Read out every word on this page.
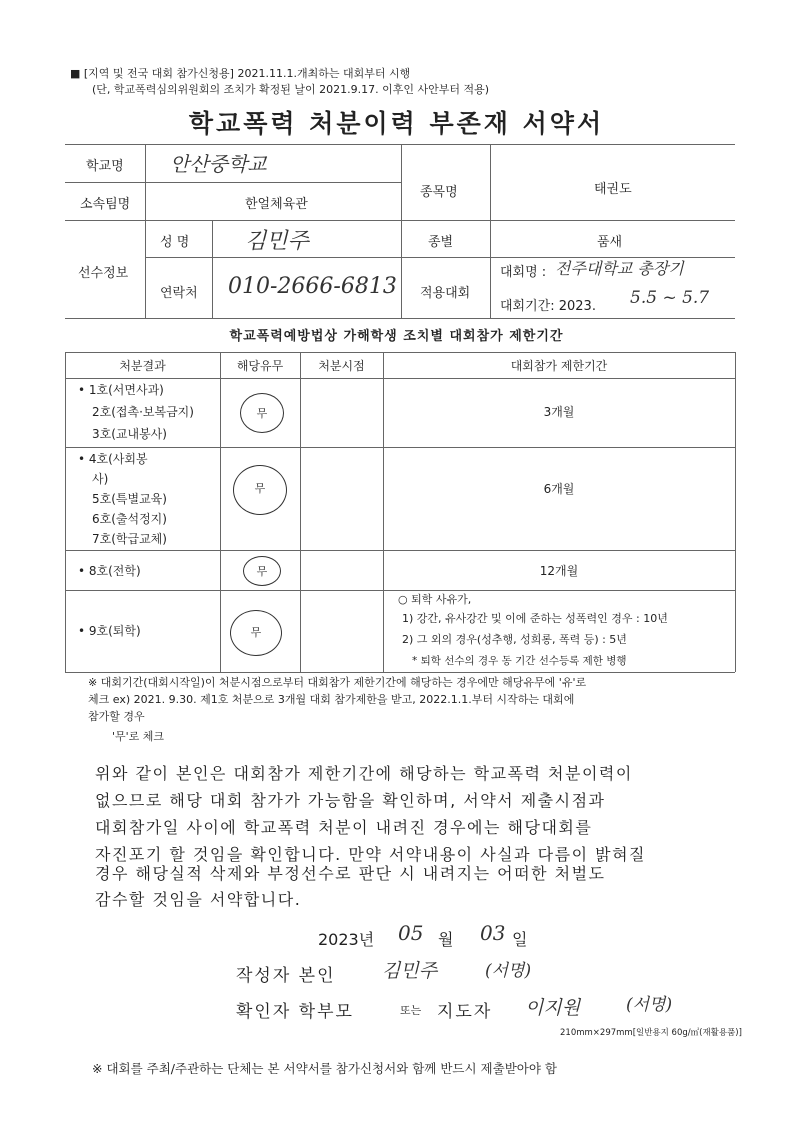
■ [지역 및 전국 대회 참가신청용] 2021.11.1.개최하는 대회부터 시행
(단, 학교폭력심의위원회의 조치가 확정된 날이 2021.9.17. 이후인 사안부터 적용)
학교폭력 처분이력 부존재 서약서
학교명 안산중학교
소속팀명	한얼체육관
종목명	태권도
선수정보
성 명	김민주
연락처 010-2666-6813
종별	품새
적용대회
대회명 : 전주대학교 총장기
대회기간: 2023. 5.5 ~ 5.7
학교폭력예방법상 가해학생 조치별 대회참가 제한기간
처분결과	해당유무	처분시점	대회참가 제한기간
• 1호(서면사과)
2호(접촉·보복금지)
3호(교내봉사)
무	3개월
• 4호(사회봉
사)
5호(특별교육)
6호(출석정지)
7호(학급교체)
무	6개월
• 8호(전학)	무	12개월
• 9호(퇴학)	무
○ 퇴학 사유가,
1) 강간, 유사강간 및 이에 준하는 성폭력인 경우 : 10년
2) 그 외의 경우(성추행, 성희롱, 폭력 등) : 5년
* 퇴학 선수의 경우 동 기간 선수등록 제한 병행
※ 대회기간(대회시작일)이 처분시점으로부터 대회참가 제한기간에 해당하는 경우에만 해당유무에 '유'로
체크 ex) 2021. 9.30. 제1호 처분으로 3개월 대회 참가제한을 받고, 2022.1.1.부터 시작하는 대회에
참가할 경우
'무'로 체크
위와 같이 본인은 대회참가 제한기간에 해당하는 학교폭력 처분이력이
없으므로 해당 대회 참가가 가능함을 확인하며, 서약서 제출시점과
대회참가일 사이에 학교폭력 처분이 내려진 경우에는 해당대회를
자진포기 할 것임을 확인합니다. 만약 서약내용이 사실과 다름이 밝혀질
경우 해당실적 삭제와 부정선수로 판단 시 내려지는 어떠한 처벌도
감수할 것임을 서약합니다.
2023년 05 월 03 일
작성자 본인 김민주	(서명)
확인자 학부모	또는 지도자 이지원	(서명)
210mm×297mm[일반용지 60g/㎡(재활용품)]
※ 대회를 주최/주관하는 단체는 본 서약서를 참가신청서와 함께 반드시 제출받아야 함
